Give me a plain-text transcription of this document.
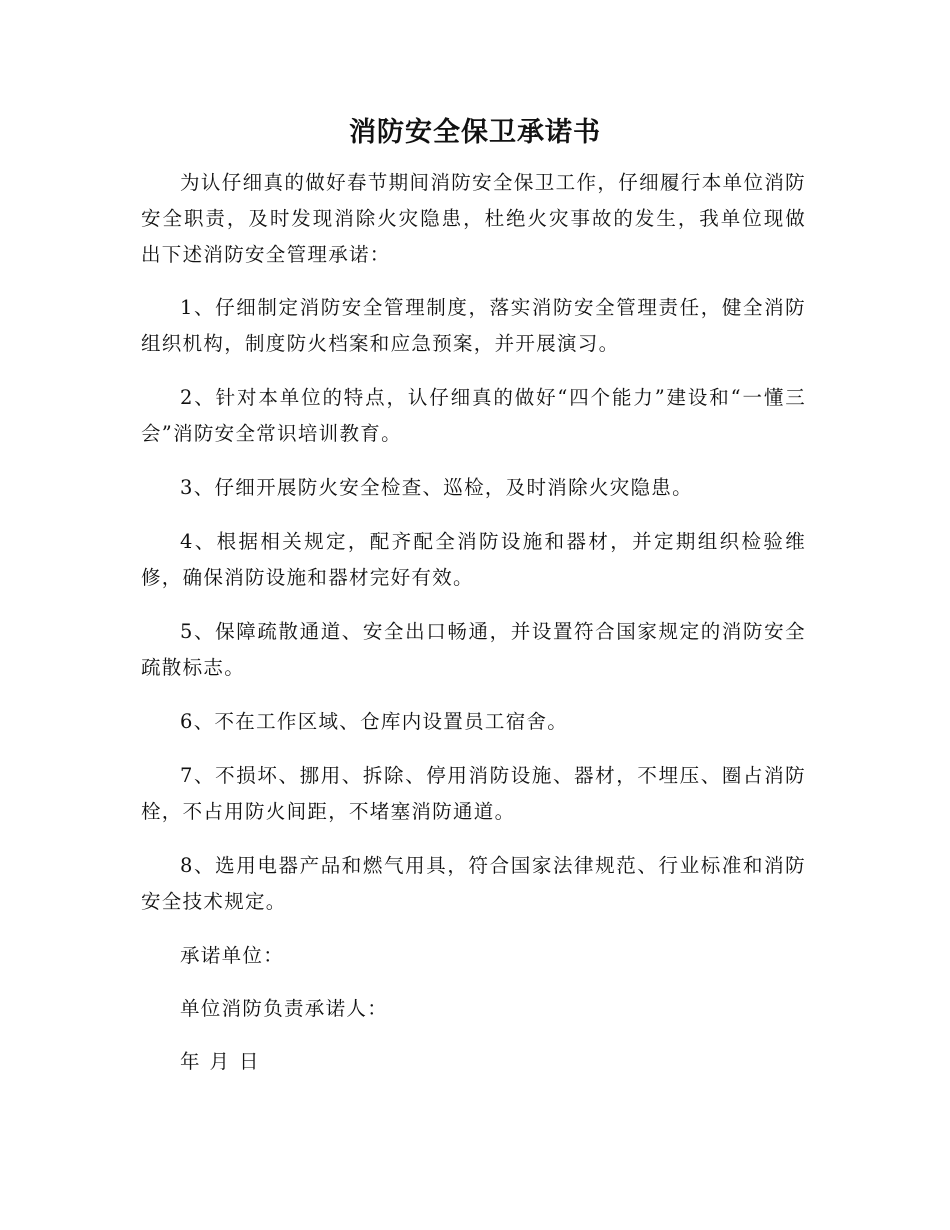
消防安全保卫承诺书

为认仔细真的做好春节期间消防安全保卫工作，仔细履行本单位消防安全职责，及时发现消除火灾隐患，杜绝火灾事故的发生，我单位现做出下述消防安全管理承诺：

1、仔细制定消防安全管理制度，落实消防安全管理责任，健全消防组织机构，制度防火档案和应急预案，并开展演习。

2、针对本单位的特点，认仔细真的做好“四个能力”建设和“一懂三会”消防安全常识培训教育。

3、仔细开展防火安全检查、巡检，及时消除火灾隐患。

4、根据相关规定，配齐配全消防设施和器材，并定期组织检验维修，确保消防设施和器材完好有效。

5、保障疏散通道、安全出口畅通，并设置符合国家规定的消防安全疏散标志。

6、不在工作区域、仓库内设置员工宿舍。

7、不损坏、挪用、拆除、停用消防设施、器材，不埋压、圈占消防栓，不占用防火间距，不堵塞消防通道。

8、选用电器产品和燃气用具，符合国家法律规范、行业标准和消防安全技术规定。

承诺单位：

单位消防负责承诺人：

年 月 日
